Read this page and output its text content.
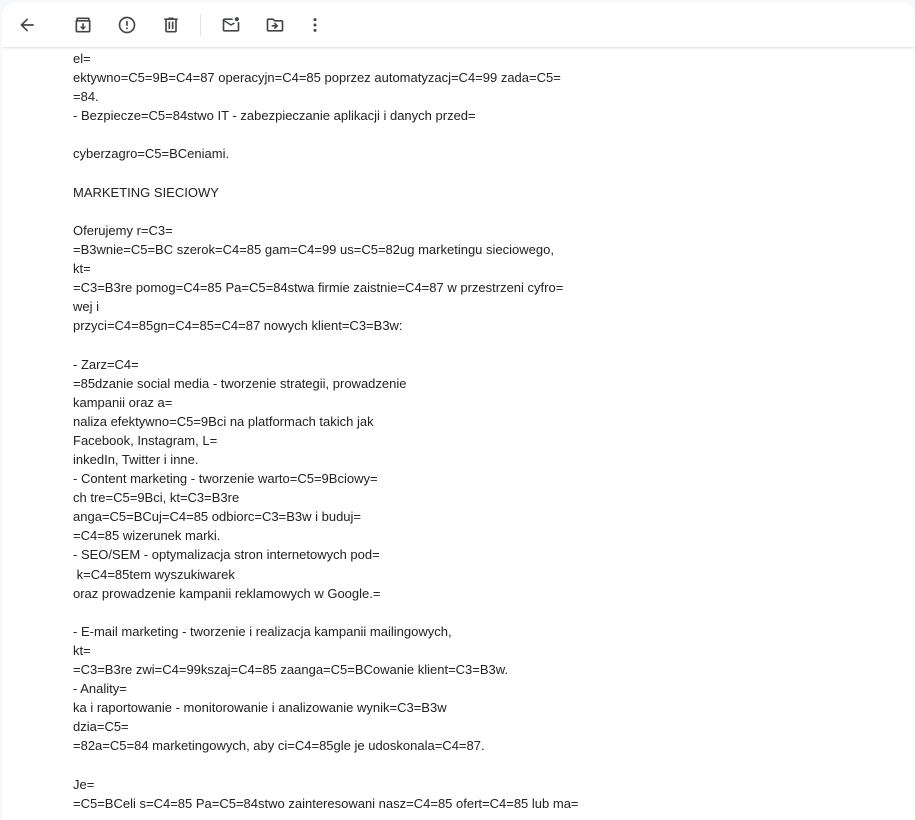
el=
ektywno=C5=9B=C4=87 operacyjn=C4=85 poprzez automatyzacj=C4=99 zada=C5=
=84.
- Bezpiecze=C5=84stwo IT - zabezpieczanie aplikacji i danych przed=
cyberzagro=C5=BCeniami.
MARKETING SIECIOWY
Oferujemy r=C3=
=B3wnie=C5=BC szerok=C4=85 gam=C4=99 us=C5=82ug marketingu sieciowego,
kt=
=C3=B3re pomog=C4=85 Pa=C5=84stwa firmie zaistnie=C4=87 w przestrzeni cyfro=
wej i
przyci=C4=85gn=C4=85=C4=87 nowych klient=C3=B3w:
- Zarz=C4=
=85dzanie social media - tworzenie strategii, prowadzenie
kampanii oraz a=
naliza efektywno=C5=9Bci na platformach takich jak
Facebook, Instagram, L=
inkedIn, Twitter i inne.
- Content marketing - tworzenie warto=C5=9Bciowy=
ch tre=C5=9Bci, kt=C3=B3re
anga=C5=BCuj=C4=85 odbiorc=C3=B3w i buduj=
=C4=85 wizerunek marki.
- SEO/SEM - optymalizacja stron internetowych pod=
k=C4=85tem wyszukiwarek
oraz prowadzenie kampanii reklamowych w Google.=
- E-mail marketing - tworzenie i realizacja kampanii mailingowych,
kt=
=C3=B3re zwi=C4=99kszaj=C4=85 zaanga=C5=BCowanie klient=C3=B3w.
- Anality=
ka i raportowanie - monitorowanie i analizowanie wynik=C3=B3w
dzia=C5=
=82a=C5=84 marketingowych, aby ci=C4=85gle je udoskonala=C4=87.
Je=
=C5=BCeli s=C4=85 Pa=C5=84stwo zainteresowani nasz=C4=85 ofert=C4=85 lub ma=
